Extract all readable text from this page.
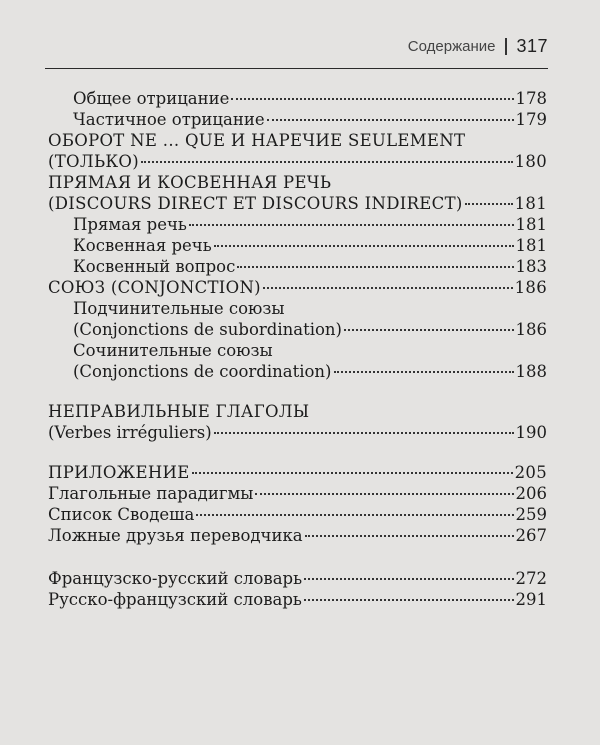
Содержание 317
Общее отрицание	178
Частичное отрицание	179
ОБОРОТ NE ... QUE И НАРЕЧИЕ SEULEMENT
(ТОЛЬКО)	180
ПРЯМАЯ И КОСВЕННАЯ РЕЧЬ
(DISCOURS DIRECT ET DISCOURS INDIRECT)	181
Прямая речь	181
Косвенная речь	181
Косвенный вопрос	183
СОЮЗ (CONJONCTION)	186
Подчинительные союзы
(Conjonctions de subordination)	186
Сочинительные союзы
(Conjonctions de coordination)	188
НЕПРАВИЛЬНЫЕ ГЛАГОЛЫ
(Verbes irréguliers)	190
ПРИЛОЖЕНИЕ	205
Глагольные парадигмы	206
Список Сводеша	259
Ложные друзья переводчика	267
Французско-русский словарь	272
Русско-французский словарь	291
